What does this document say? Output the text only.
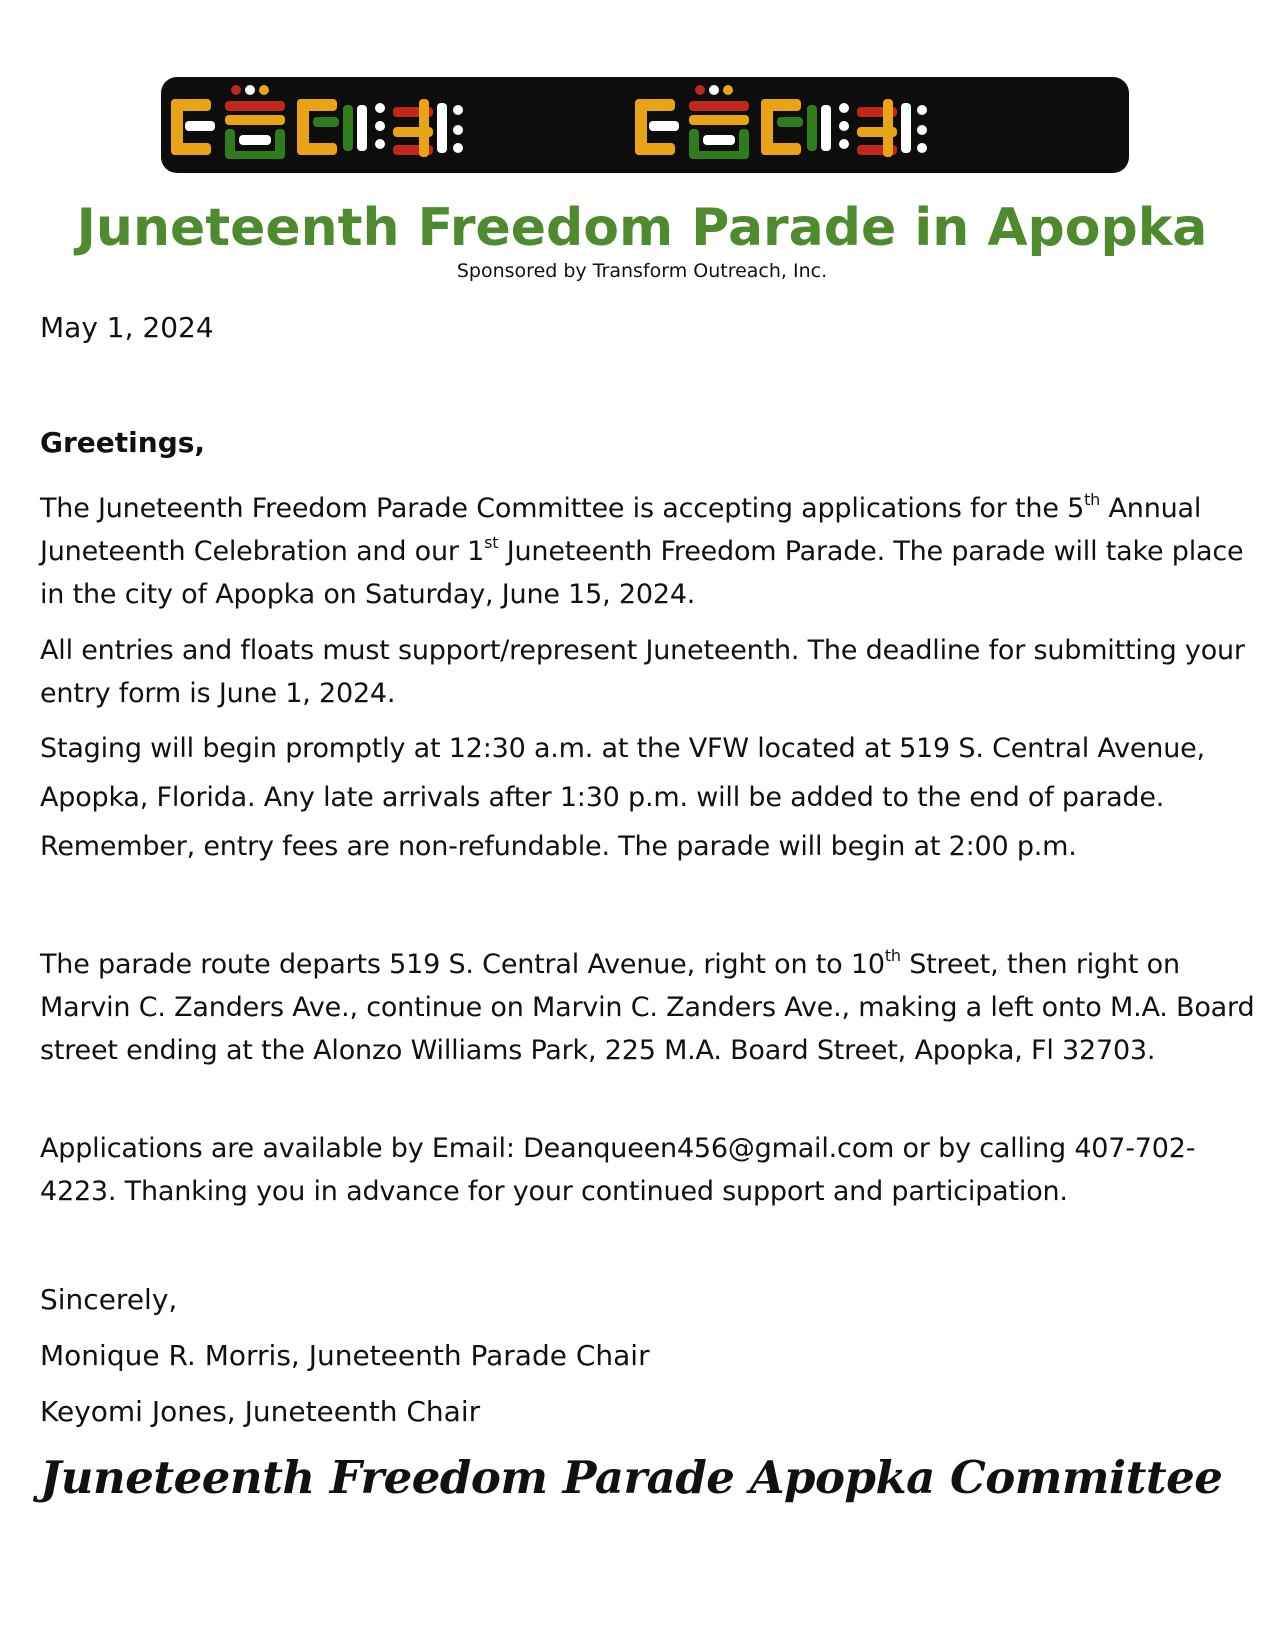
Juneteenth Freedom Parade in Apopka
Sponsored by Transform Outreach, Inc.
May 1, 2024

Greetings,

The Juneteenth Freedom Parade Committee is accepting applications for the 5th Annual Juneteenth Celebration and our 1st Juneteenth Freedom Parade. The parade will take place in the city of Apopka on Saturday, June 15, 2024.

All entries and floats must support/represent Juneteenth. The deadline for submitting your entry form is June 1, 2024.

Staging will begin promptly at 12:30 a.m. at the VFW located at 519 S. Central Avenue, Apopka, Florida. Any late arrivals after 1:30 p.m. will be added to the end of parade. Remember, entry fees are non-refundable. The parade will begin at 2:00 p.m.

The parade route departs 519 S. Central Avenue, right on to 10th Street, then right on Marvin C. Zanders Ave., continue on Marvin C. Zanders Ave., making a left onto M.A. Board street ending at the Alonzo Williams Park, 225 M.A. Board Street, Apopka, Fl 32703.

Applications are available by Email: Deanqueen456@gmail.com or by calling 407-702-4223. Thanking you in advance for your continued support and participation.

Sincerely,
Monique R. Morris, Juneteenth Parade Chair
Keyomi Jones, Juneteenth Chair
Juneteenth Freedom Parade Apopka Committee
